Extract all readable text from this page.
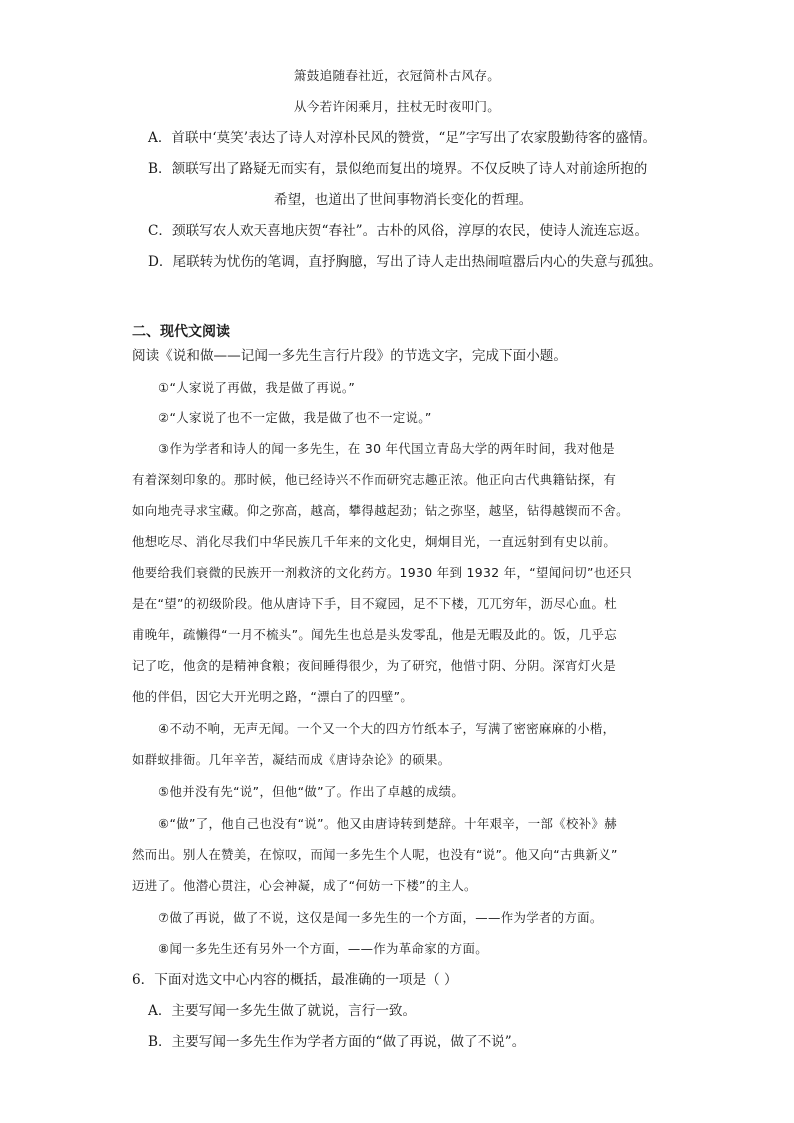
箫鼓追随春社近，衣冠简朴古风存。
从今若许闲乘月，拄杖无时夜叩门。
A．首联中‘莫笑’表达了诗人对淳朴民风的赞赏，“足”字写出了农家殷勤待客的盛情。
B．颔联写出了路疑无而实有，景似绝而复出的境界。不仅反映了诗人对前途所抱的
希望，也道出了世间事物消长变化的哲理。
C．颈联写农人欢天喜地庆贺“春社”。古朴的风俗，淳厚的农民，使诗人流连忘返。
D．尾联转为忧伤的笔调，直抒胸臆，写出了诗人走出热闹喧嚣后内心的失意与孤独。
二、现代文阅读
阅读《说和做——记闻一多先生言行片段》的节选文字，完成下面小题。
①“人家说了再做，我是做了再说。”
②“人家说了也不一定做，我是做了也不一定说。”
③作为学者和诗人的闻一多先生，在 30 年代国立青岛大学的两年时间，我对他是
有着深刻印象的。那时候，他已经诗兴不作而研究志趣正浓。他正向古代典籍钻探，有
如向地壳寻求宝藏。仰之弥高，越高，攀得越起劲；钻之弥坚，越坚，钻得越锲而不舍。
他想吃尽、消化尽我们中华民族几千年来的文化史，炯炯目光，一直远射到有史以前。
他要给我们衰微的民族开一剂救济的文化药方。1930 年到 1932 年，“望闻问切”也还只
是在“望”的初级阶段。他从唐诗下手，目不窥园，足不下楼，兀兀穷年，沥尽心血。杜
甫晚年，疏懒得“一月不梳头”。闻先生也总是头发零乱，他是无暇及此的。饭，几乎忘
记了吃，他贪的是精神食粮；夜间睡得很少，为了研究，他惜寸阴、分阴。深宵灯火是
他的伴侣，因它大开光明之路，“漂白了的四壁”。
④不动不响，无声无闻。一个又一个大的四方竹纸本子，写满了密密麻麻的小楷，
如群蚁排衙。几年辛苦，凝结而成《唐诗杂论》的硕果。
⑤他并没有先“说”，但他“做”了。作出了卓越的成绩。
⑥“做”了，他自己也没有“说”。他又由唐诗转到楚辞。十年艰辛，一部《校补》赫
然而出。别人在赞美，在惊叹，而闻一多先生个人呢，也没有“说”。他又向“古典新义”
迈进了。他潜心贯注，心会神凝，成了“何妨一下楼”的主人。
⑦做了再说，做了不说，这仅是闻一多先生的一个方面，——作为学者的方面。
⑧闻一多先生还有另外一个方面，——作为革命家的方面。
6．下面对选文中心内容的概括，最准确的一项是（ ）
A．主要写闻一多先生做了就说，言行一致。
B．主要写闻一多先生作为学者方面的“做了再说，做了不说”。
